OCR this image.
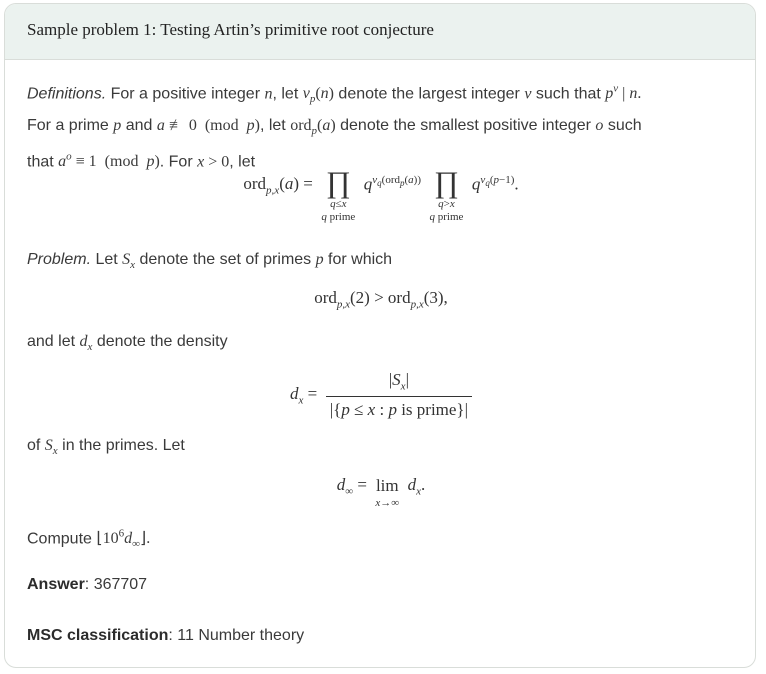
Sample problem 1: Testing Artin’s primitive root conjecture
Definitions. For a positive integer n, let $v_p(n)$ denote the largest integer v such that $p^v$ | n.
For a prime p and a ≢ 0  (mod  p), let ord$_p$(a) denote the smallest positive integer o such
that $a^o \equiv 1$  (mod  p). For x > 0, let
ord$_{p,x}$(a) = ∏
q≤x
q prime
$q^{v_q(ord_p(a))}$ ∏
q>x
q prime
$q^{v_q(p-1)}$.
Problem. Let $S_x$ denote the set of primes p for which
ord$_{p,x}$(2) > ord$_{p,x}$(3),
and let $d_x$ denote the density
$d_x = \frac{|S_x|}{\text{|\{p ≤ x : p is prime\}|}}$
of $S_x$ in the primes. Let
$d_\infty = \lim$
x→∞
$d_x$.
Compute $⌊10^6d_\infty⌋$.
Answer: 367707
MSC classification: 11 Number theory
